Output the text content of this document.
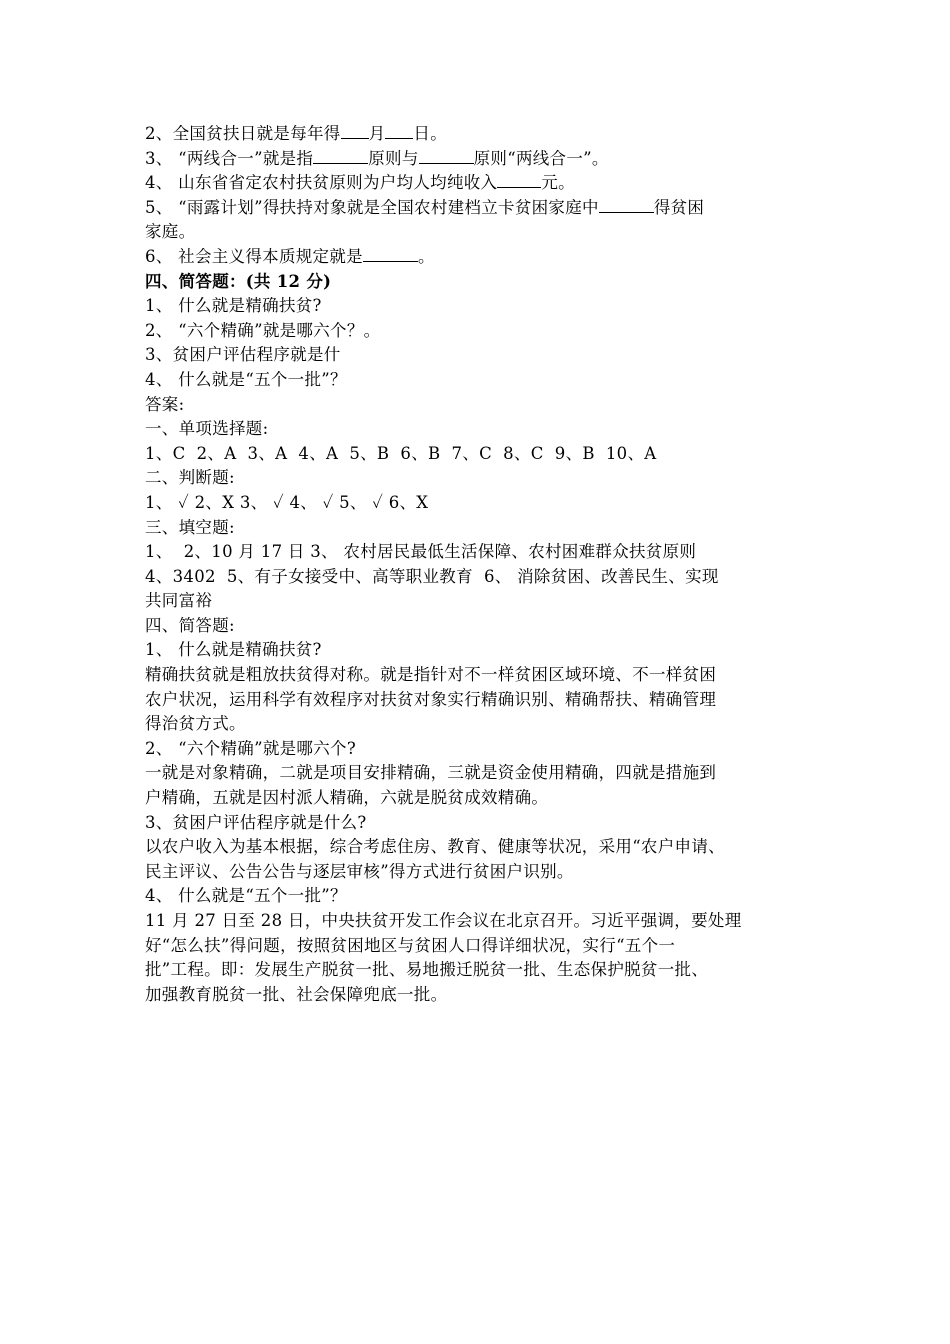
2、全国贫扶日就是每年得 月 日。
3、 “两线合一”就是指	原则与	原则“两线合一”。
4、 山东省省定农村扶贫原则为户均人均纯收入	元。
5、 “雨露计划”得扶持对象就是全国农村建档立卡贫困家庭中	得贫困
家庭。
6、 社会主义得本质规定就是	。
四、简答题：(共 12 分)
1、 什么就是精确扶贫?
2、 “六个精确”就是哪六个？。
3、贫困户评估程序就是什
4、 什么就是“五个一批”？
答案:
一、单项选择题:
1、C  2、A  3、A  4、A  5、B  6、B  7、C  8、C  9、B  10、A
二、判断题:
1、 ✓ 2、X 3、 ✓ 4、 ✓ 5、 ✓ 6、X
三、填空题:
1、  2、10 月 17 日 3、 农村居民最低生活保障、农村困难群众扶贫原则
4、3402  5、有子女接受中、高等职业教育  6、 消除贫困、改善民生、实现
共同富裕
四、简答题:
1、 什么就是精确扶贫?
精确扶贫就是粗放扶贫得对称。就是指针对不一样贫困区域环境、不一样贫困
农户状况，运用科学有效程序对扶贫对象实行精确识别、精确帮扶、精确管理
得治贫方式。
2、 “六个精确”就是哪六个?
一就是对象精确，二就是项目安排精确，三就是资金使用精确，四就是措施到
户精确，五就是因村派人精确，六就是脱贫成效精确。
3、贫困户评估程序就是什么?
以农户收入为基本根据，综合考虑住房、教育、健康等状况，采用“农户申请、
民主评议、公告公告与逐层审核”得方式进行贫困户识别。
4、 什么就是“五个一批”？
11 月 27 日至 28 日，中央扶贫开发工作会议在北京召开。习近平强调，要处理
好“怎么扶”得问题，按照贫困地区与贫困人口得详细状况，实行“五个一
批”工程。即：发展生产脱贫一批、易地搬迁脱贫一批、生态保护脱贫一批、
加强教育脱贫一批、社会保障兜底一批。
